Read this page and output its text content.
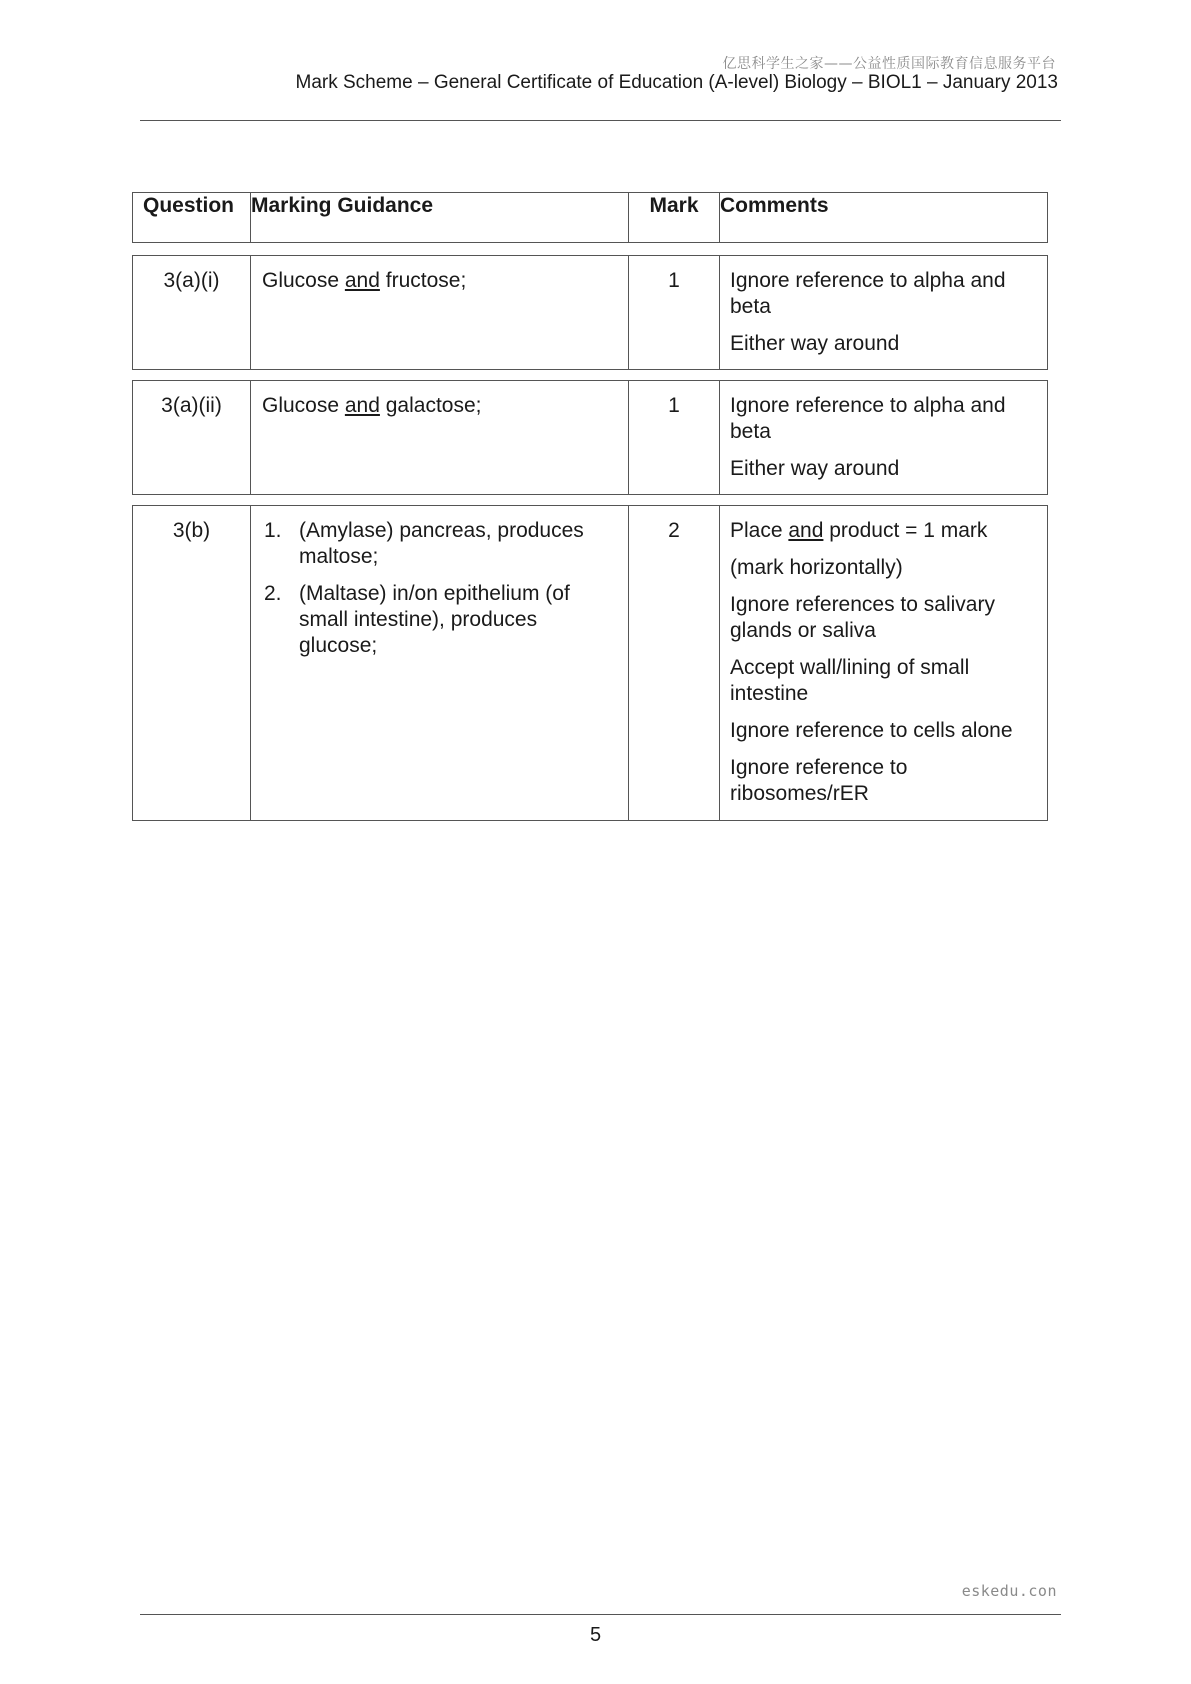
亿思科学生之家——公益性质国际教育信息服务平台
Mark Scheme – General Certificate of Education (A-level) Biology – BIOL1 – January 2013
Question	Marking Guidance	Mark	Comments
3(a)(i)	Glucose and fructose;	1	Ignore reference to alpha and beta

Either way around

3(a)(ii)	Glucose and galactose;	1	Ignore reference to alpha and beta

Either way around

3(b)	1. (Amylase) pancreas, produces maltose;
2. (Maltase) in/on epithelium (of small intestine), produces glucose;
	2	Place and product = 1 mark

(mark horizontally)

Ignore references to salivary glands or saliva

Accept wall/lining of small intestine

Ignore reference to cells alone

Ignore reference to ribosomes/rER

eskedu.con
5
